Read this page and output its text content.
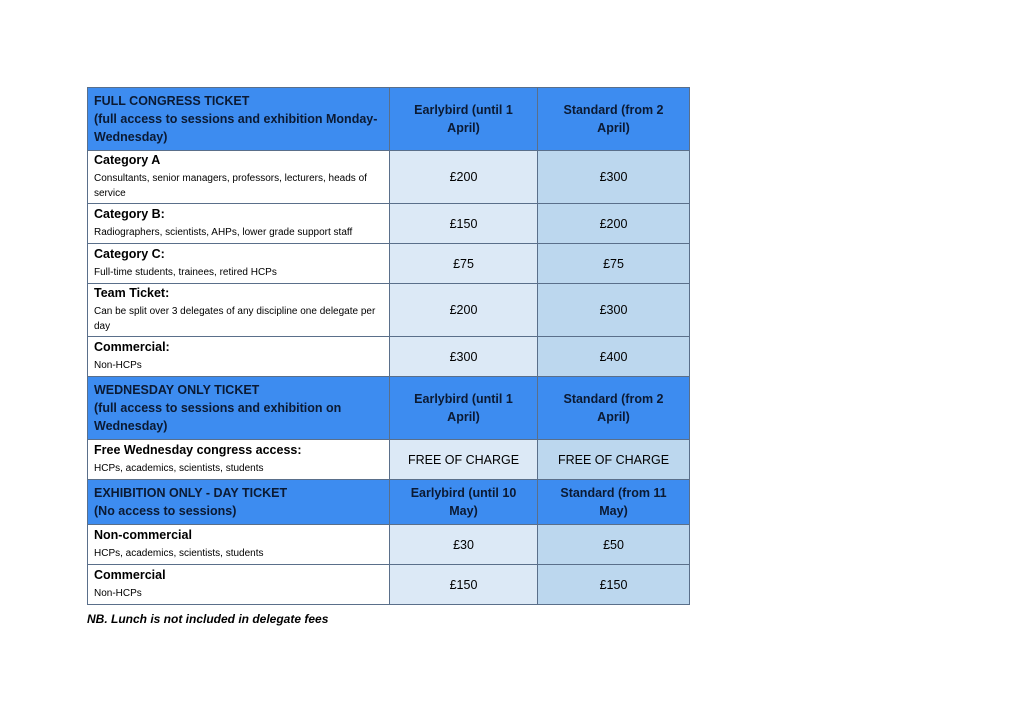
FULL CONGRESS TICKET
(full access to sessions and exhibition Monday-Wednesday)	Earlybird (until 1 April)	Standard (from 2 April)

Category A
Consultants, senior managers, professors, lecturers, heads of service	£200	£300

Category B:
Radiographers, scientists, AHPs, lower grade support staff	£150	£200

Category C:
Full-time students, trainees, retired HCPs	£75	£75

Team Ticket:
Can be split over 3 delegates of any discipline one delegate per day	£200	£300

Commercial:
Non-HCPs	£300	£400

WEDNESDAY ONLY TICKET
(full access to sessions and exhibition on Wednesday)	Earlybird (until 1 April)	Standard (from 2 April)

Free Wednesday congress access:
HCPs, academics, scientists, students	FREE OF CHARGE	FREE OF CHARGE

EXHIBITION ONLY - DAY TICKET
(No access to sessions)	Earlybird (until 10 May)	Standard (from 11 May)

Non-commercial
HCPs, academics, scientists, students	£30	£50

Commercial
Non-HCPs	£150	£150
NB. Lunch is not included in delegate fees
